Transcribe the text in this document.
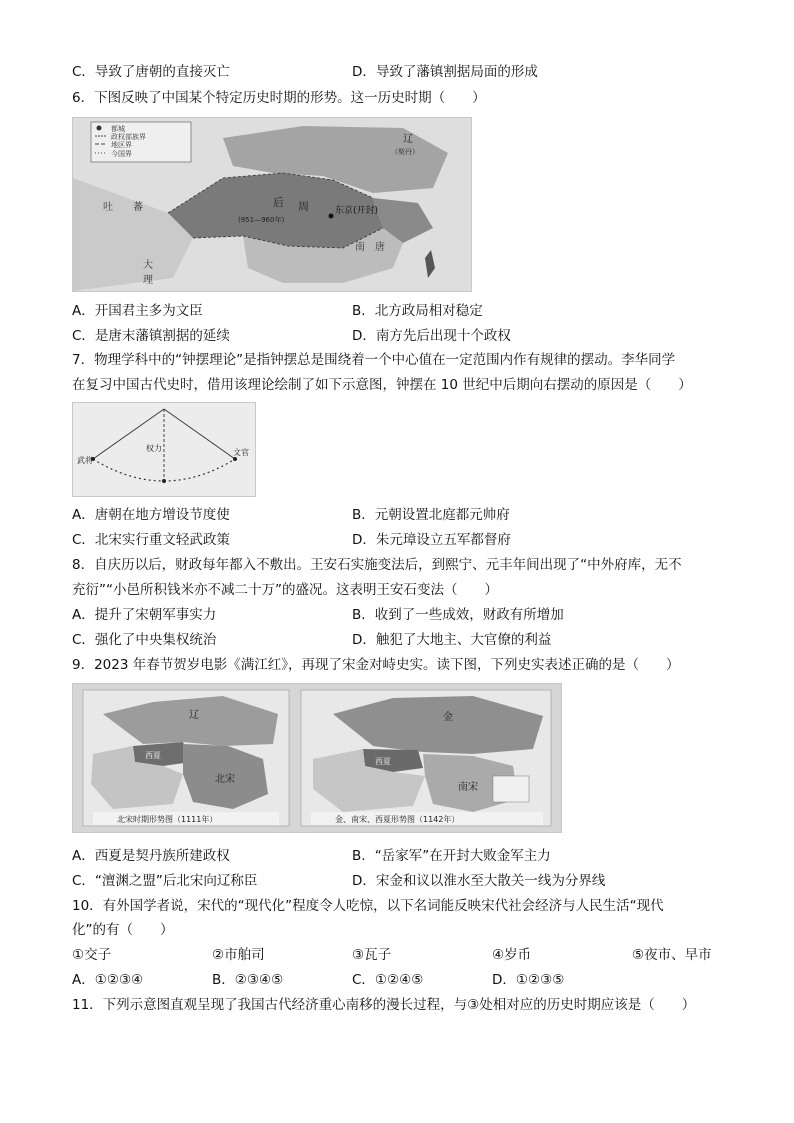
C．导致了唐朝的直接灭亡	D．导致了藩镇割据局面的形成
6．下图反映了中国某个特定历史时期的形势。这一历史时期（　　）
都城
政权部族界
地区界
今国界
辽
（契丹）
东京(开封)
后 周
(951—960年)
吐 蕃
南 唐
大
理
A．开国君主多为文臣	B．北方政局相对稳定
C．是唐末藩镇割据的延续	D．南方先后出现十个政权
7．物理学科中的“钟摆理论”是指钟摆总是围绕着一个中心值在一定范围内作有规律的摆动。李华同学
在复习中国古代史时，借用该理论绘制了如下示意图，钟摆在 10 世纪中后期向右摆动的原因是（　　）
武将
权力	文官
A．唐朝在地方增设节度使	B．元朝设置北庭都元帅府
C．北宋实行重文轻武政策	D．朱元璋设立五军都督府
8．自庆历以后，财政每年都入不敷出。王安石实施变法后，到熙宁、元丰年间出现了“中外府库，无不
充衍”“小邑所积钱米亦不减二十万”的盛况。这表明王安石变法（　　）
A．提升了宋朝军事实力	B．收到了一些成效，财政有所增加
C．强化了中央集权统治	D．触犯了大地主、大官僚的利益
9．2023 年春节贺岁电影《满江红》，再现了宋金对峙史实。读下图，下列史实表述正确的是（　　）
辽
西夏
北宋
北宋时期形势图（1111年）
金
西夏
南宋
金、南宋、西夏形势图（1142年）
A．西夏是契丹族所建政权	B．“岳家军”在开封大败金军主力
C．“澶渊之盟”后北宋向辽称臣	D．宋金和议以淮水至大散关一线为分界线
10．有外国学者说，宋代的“现代化”程度令人吃惊，以下名词能反映宋代社会经济与人民生活“现代
化”的有（　　）
①交子	②市舶司	③瓦子	④岁币	⑤夜市、早市
A．①②③④	B．②③④⑤	C．①②④⑤	D．①②③⑤
11．下列示意图直观呈现了我国古代经济重心南移的漫长过程，与③处相对应的历史时期应该是（　　）
